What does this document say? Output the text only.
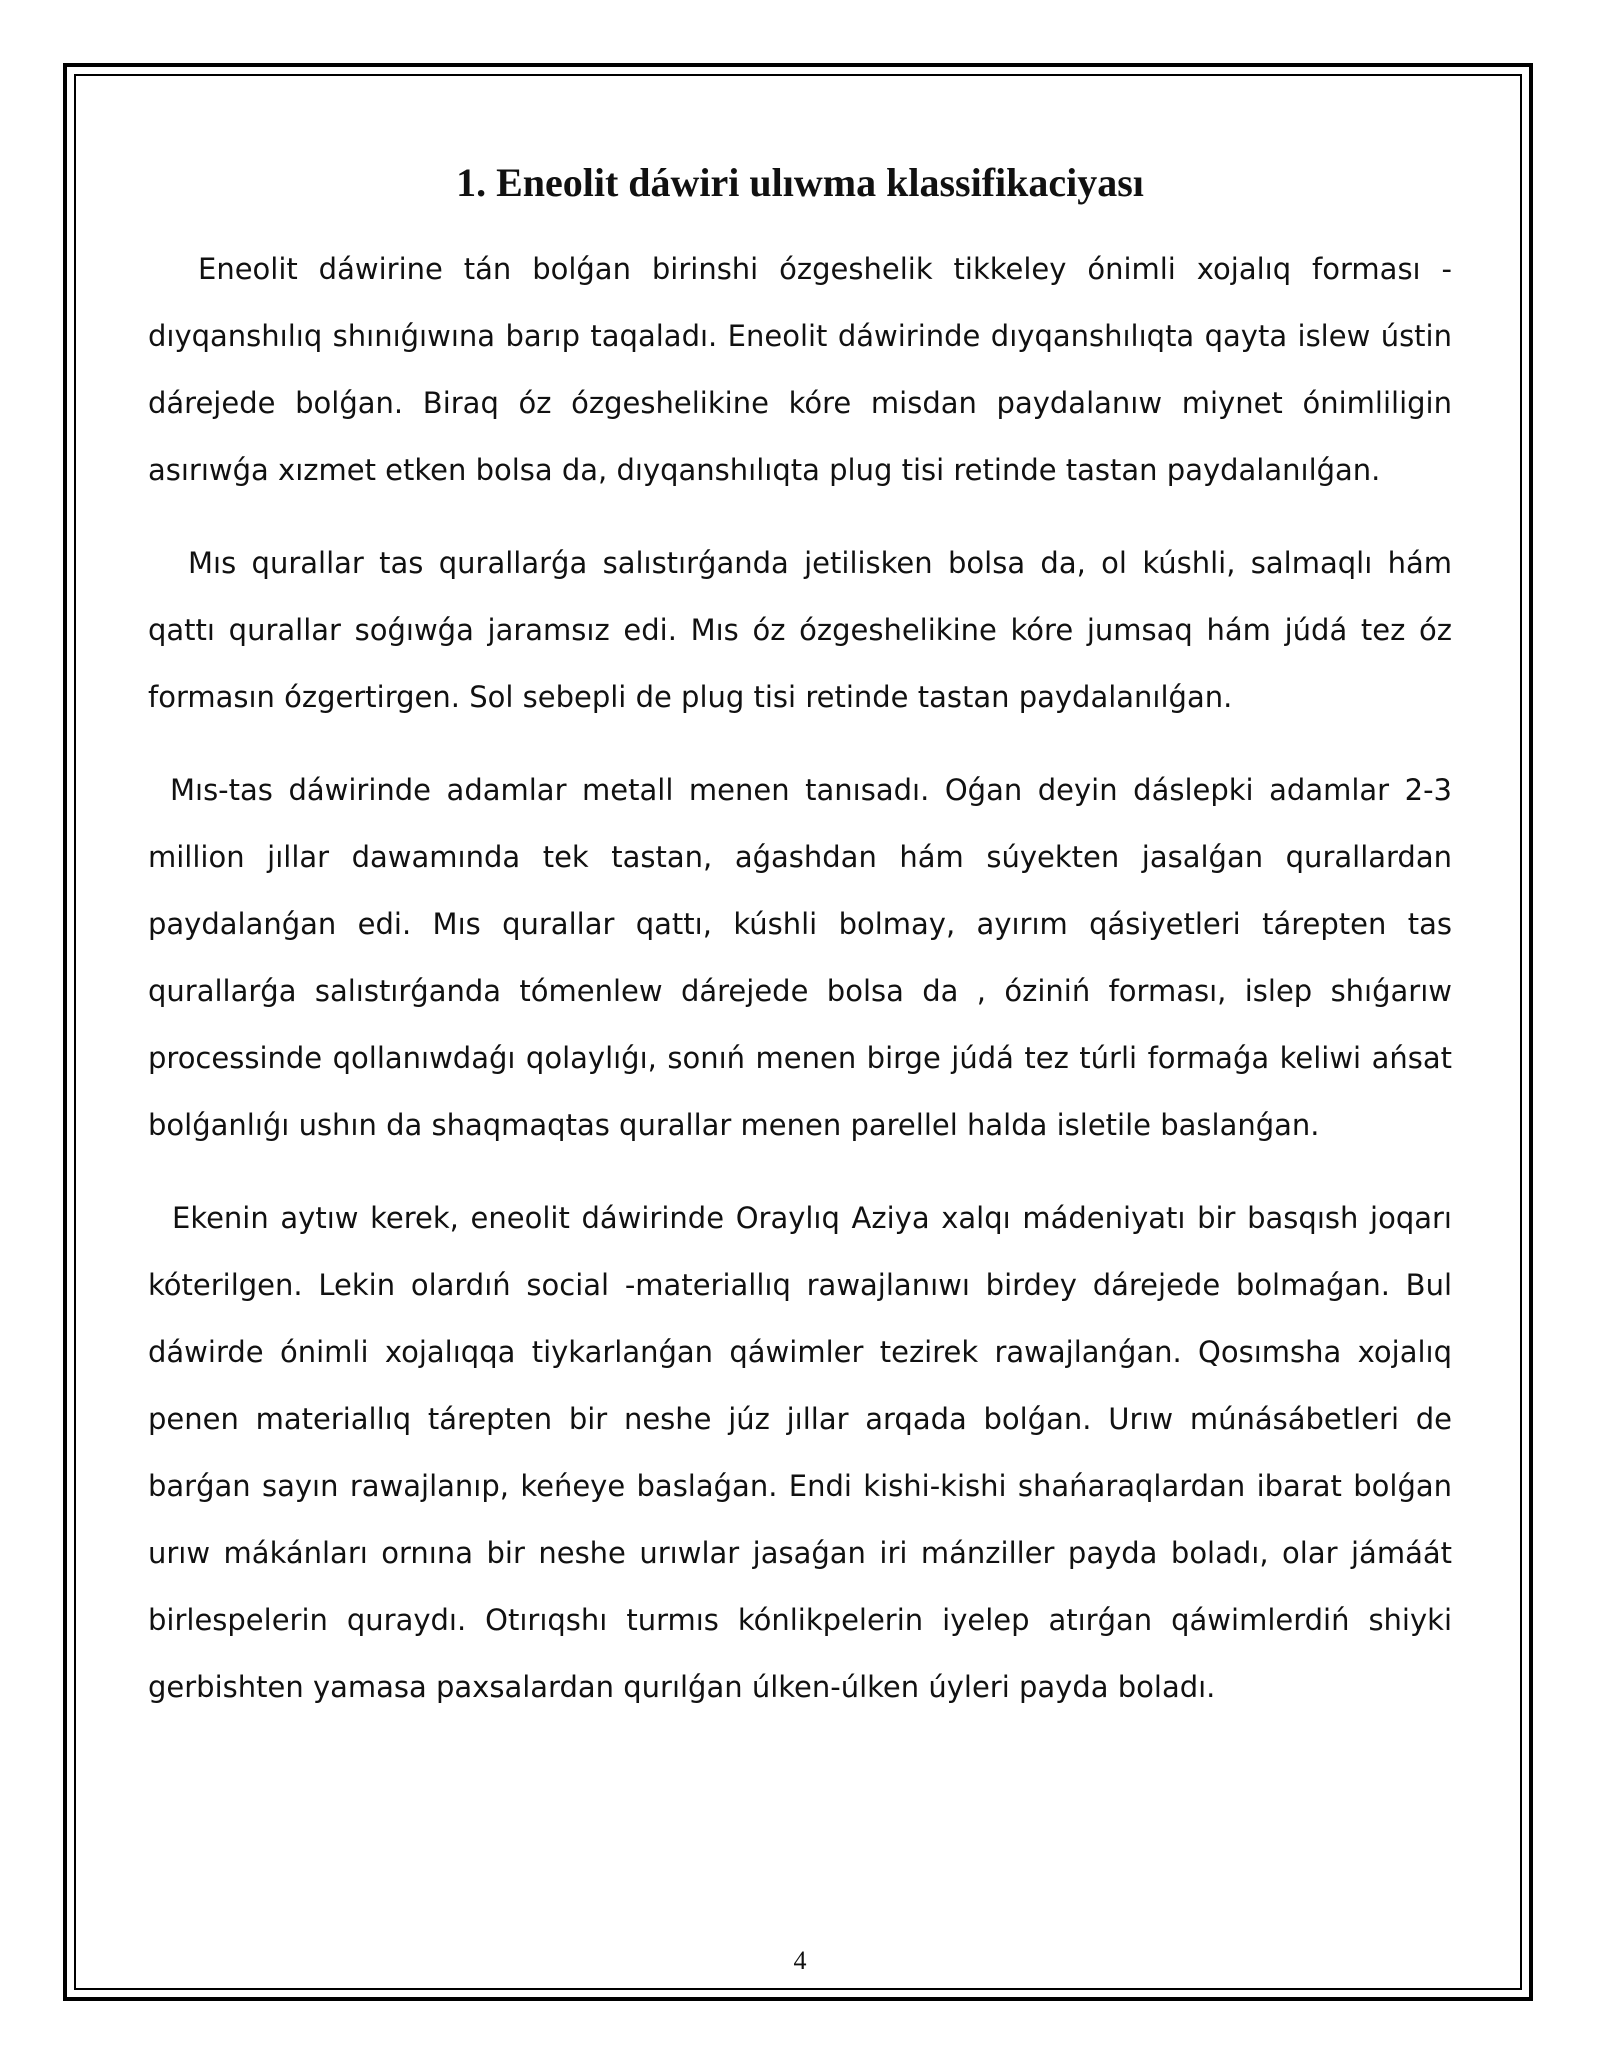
1. Eneolit dáwiri ulıwma klassifikaciyası

Eneolit dáwirine tán bolǵan birinshi ózgeshelik tikkeley ónimli xojalıq forması - dıyqanshılıq shınıǵıwına barıp taqaladı. Eneolit dáwirinde dıyqanshılıqta qayta islew ústin dárejede bolǵan. Biraq óz ózgeshelikine kóre misdan paydalanıw miynet ónimliligin asırıwǵa xızmet etken bolsa da, dıyqanshılıqta plug tisi retinde tastan paydalanılǵan.

Mıs qurallar tas qurallarǵa salıstırǵanda jetilisken bolsa da, ol kúshli, salmaqlı hám qattı qurallar soǵıwǵa jaramsız edi. Mıs óz ózgeshelikine kóre jumsaq hám júdá tez óz formasın ózgertirgen. Sol sebepli de plug tisi retinde tastan paydalanılǵan.

Mıs-tas dáwirinde adamlar metall menen tanısadı. Oǵan deyin dáslepki adamlar 2-3 million jıllar dawamında tek tastan, aǵashdan hám súyekten jasalǵan qurallardan paydalanǵan edi. Mıs qurallar qattı, kúshli bolmay, ayırım qásiyetleri tárepten tas qurallarǵa salıstırǵanda tómenlew dárejede bolsa da , óziniń forması, islep shıǵarıw processinde qollanıwdaǵı qolaylıǵı, sonıń menen birge júdá tez túrli formaǵa keliwi ańsat bolǵanlıǵı ushın da shaqmaqtas qurallar menen parellel halda isletile baslanǵan.

Ekenin aytıw kerek, eneolit dáwirinde Oraylıq Aziya xalqı mádeniyatı bir basqısh joqarı kóterilgen. Lekin olardıń social -materiallıq rawajlanıwı birdey dárejede bolmaǵan. Bul dáwirde ónimli xojalıqqa tiykarlanǵan qáwimler tezirek rawajlanǵan. Qosımsha xojalıq penen materiallıq tárepten bir neshe júz jıllar arqada bolǵan. Urıw múnásábetleri de barǵan sayın rawajlanıp, keńeye baslaǵan. Endi kishi-kishi shańaraqlardan ibarat bolǵan urıw mákánları ornına bir neshe urıwlar jasaǵan iri mánziller payda boladı, olar jámáát birlespelerin quraydı. Otırıqshı turmıs kónlikpelerin iyelep atırǵan qáwimlerdiń shiyki gerbishten yamasa paxsalardan qurılǵan úlken-úlken úyleri payda boladı.

4
